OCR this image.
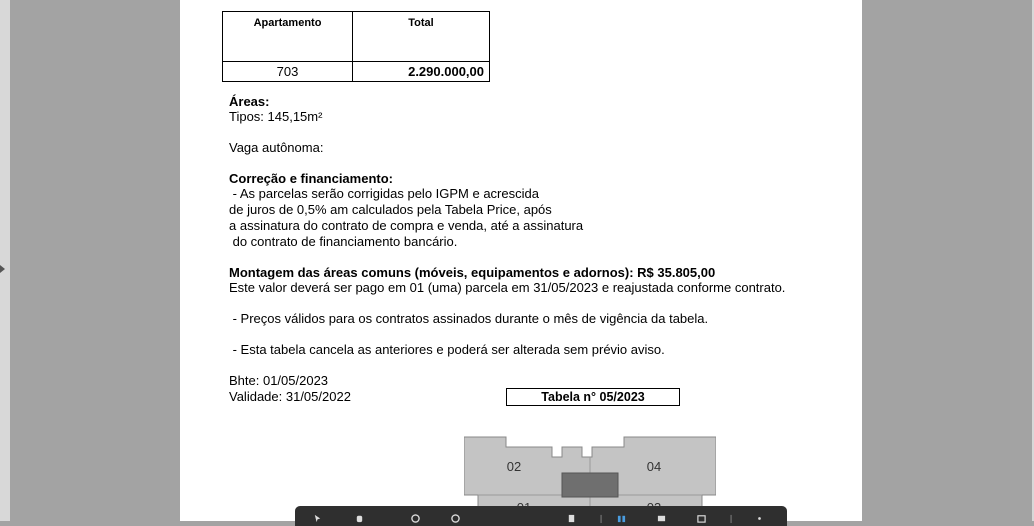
Apartamento	Total
703	2.290.000,00
Áreas:
Tipos: 145,15m²
Vaga autônoma:
Correção e financiamento:
- As parcelas serão corrigidas pelo IGPM e acrescida
de juros de 0,5% am calculados pela Tabela Price, após
a assinatura do contrato de compra e venda, até a assinatura
do contrato de financiamento bancário.
Montagem das áreas comuns (móveis, equipamentos e adornos): R$ 35.805,00
Este valor deverá ser pago em 01 (uma) parcela em 31/05/2023 e reajustada conforme contrato.
- Preços válidos para os contratos assinados durante o mês de vigência da tabela.
- Esta tabela cancela as anteriores e poderá ser alterada sem prévio aviso.
Bhte: 01/05/2023
Validade: 31/05/2022	Tabela n° 05/2023
02	04
